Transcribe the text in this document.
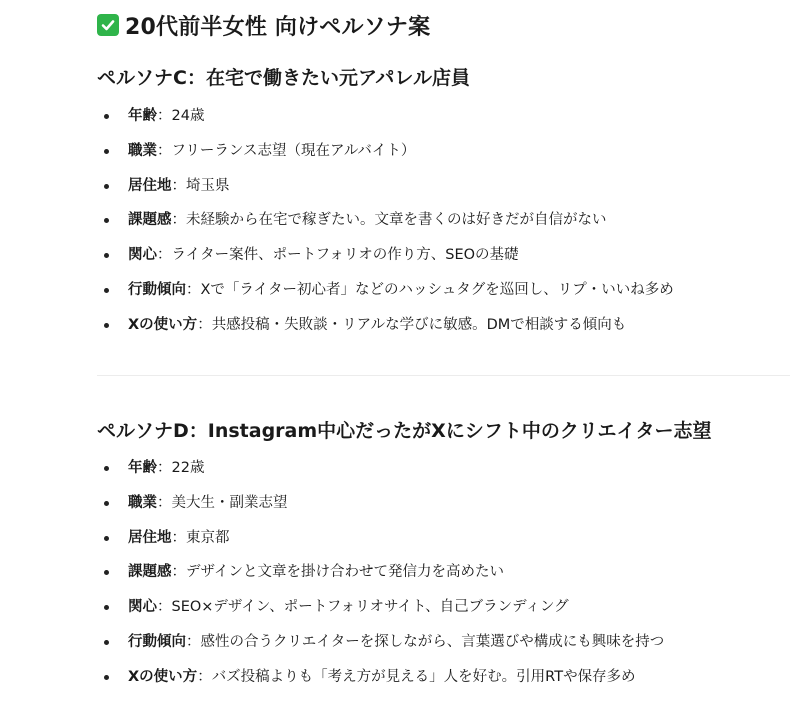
20代前半女性 向けペルソナ案
ペルソナC：在宅で働きたい元アパレル店員
年齢：24歳
職業：フリーランス志望（現在アルバイト）
居住地：埼玉県
課題感：未経験から在宅で稼ぎたい。文章を書くのは好きだが自信がない
関心：ライター案件、ポートフォリオの作り方、SEOの基礎
行動傾向：Xで「ライター初心者」などのハッシュタグを巡回し、リプ・いいね多め
Xの使い方：共感投稿・失敗談・リアルな学びに敏感。DMで相談する傾向も
ペルソナD：Instagram中心だったがXにシフト中のクリエイター志望
年齢：22歳
職業：美大生・副業志望
居住地：東京都
課題感：デザインと文章を掛け合わせて発信力を高めたい
関心：SEO×デザイン、ポートフォリオサイト、自己ブランディング
行動傾向：感性の合うクリエイターを探しながら、言葉選びや構成にも興味を持つ
Xの使い方：バズ投稿よりも「考え方が見える」人を好む。引用RTや保存多め
